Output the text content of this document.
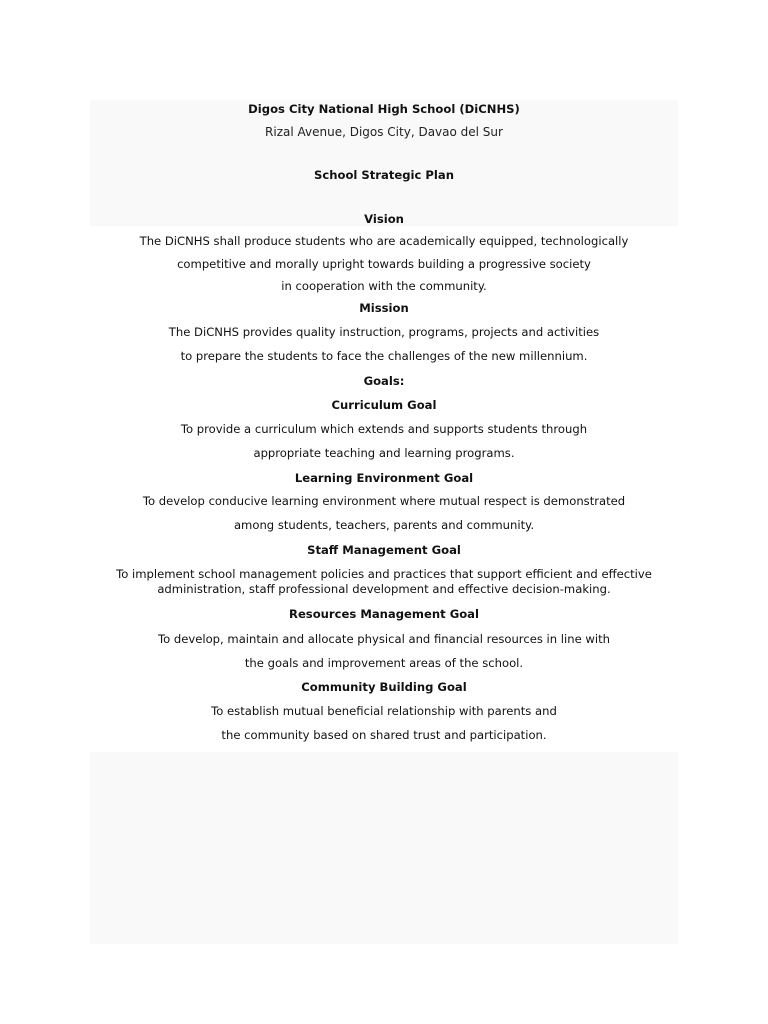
Digos City National High School (DiCNHS)
Rizal Avenue, Digos City, Davao del Sur
School Strategic Plan
Vision
The DiCNHS shall produce students who are academically equipped, technologically
competitive and morally upright towards building a progressive society
in cooperation with the community.
Mission
The DiCNHS provides quality instruction, programs, projects and activities
to prepare the students to face the challenges of the new millennium.
Goals:
Curriculum Goal
To provide a curriculum which extends and supports students through
appropriate teaching and learning programs.
Learning Environment Goal
To develop conducive learning environment where mutual respect is demonstrated
among students, teachers, parents and community.
Staff Management Goal
To implement school management policies and practices that support efficient and effective
administration, staff professional development and effective decision-making.
Resources Management Goal
To develop, maintain and allocate physical and financial resources in line with
the goals and improvement areas of the school.
Community Building Goal
To establish mutual beneficial relationship with parents and
the community based on shared trust and participation.
